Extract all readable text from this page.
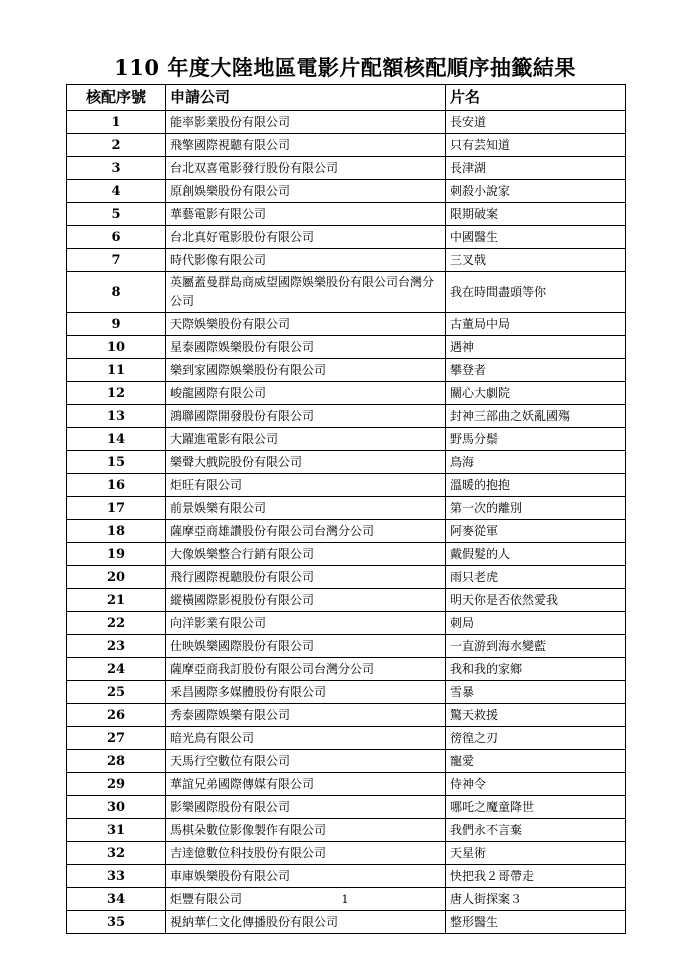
110 年度大陸地區電影片配額核配順序抽籤結果
核配序號	申請公司	片名
1	能率影業股份有限公司	長安道
2	飛擎國際視聽有限公司	只有芸知道
3	台北双喜電影發行股份有限公司	長津湖
4	原創娛樂股份有限公司	刺殺小說家
5	華藝電影有限公司	限期破案
6	台北真好電影股份有限公司	中國醫生
7	時代影像有限公司	三叉戟
8	英屬蓋曼群島商威望國際娛樂股份有限公司台灣分公司	我在時間盡頭等你
9	天際娛樂股份有限公司	古董局中局
10	星泰國際娛樂股份有限公司	遇神
11	樂到家國際娛樂股份有限公司	攀登者
12	峻龍國際有限公司	關心大劇院
13	鴻聯國際開發股份有限公司	封神三部曲之妖亂國殤
14	大躍進電影有限公司	野馬分鬃
15	樂聲大戲院股份有限公司	鳥海
16	炬旺有限公司	溫暖的抱抱
17	前景娛樂有限公司	第一次的離別
18	薩摩亞商雄讚股份有限公司台灣分公司	阿麥從軍
19	大像娛樂整合行銷有限公司	戴假髮的人
20	飛行國際視聽股份有限公司	雨只老虎
21	縱橫國際影視股份有限公司	明天你是否依然愛我
22	向洋影業有限公司	刺局
23	仕映娛樂國際股份有限公司	一直游到海水變藍
24	薩摩亞商我訂股份有限公司台灣分公司	我和我的家鄉
25	釆昌國際多媒體股份有限公司	雪暴
26	秀泰國際娛樂有限公司	驚天救援
27	暗光鳥有限公司	徬徨之刃
28	天馬行空數位有限公司	寵愛
29	華誼兄弟國際傳媒有限公司	侍神令
30	影樂國際股份有限公司	哪吒之魔童降世
31	馬棋朵數位影像製作有限公司	我們永不言棄
32	吉逹億數位科技股份有限公司	天星術
33	車庫娛樂股份有限公司	快把我２哥帶走
34	炬豐有限公司	唐人街探案３
35	視納華仁文化傳播股份有限公司	整形醫生
1
